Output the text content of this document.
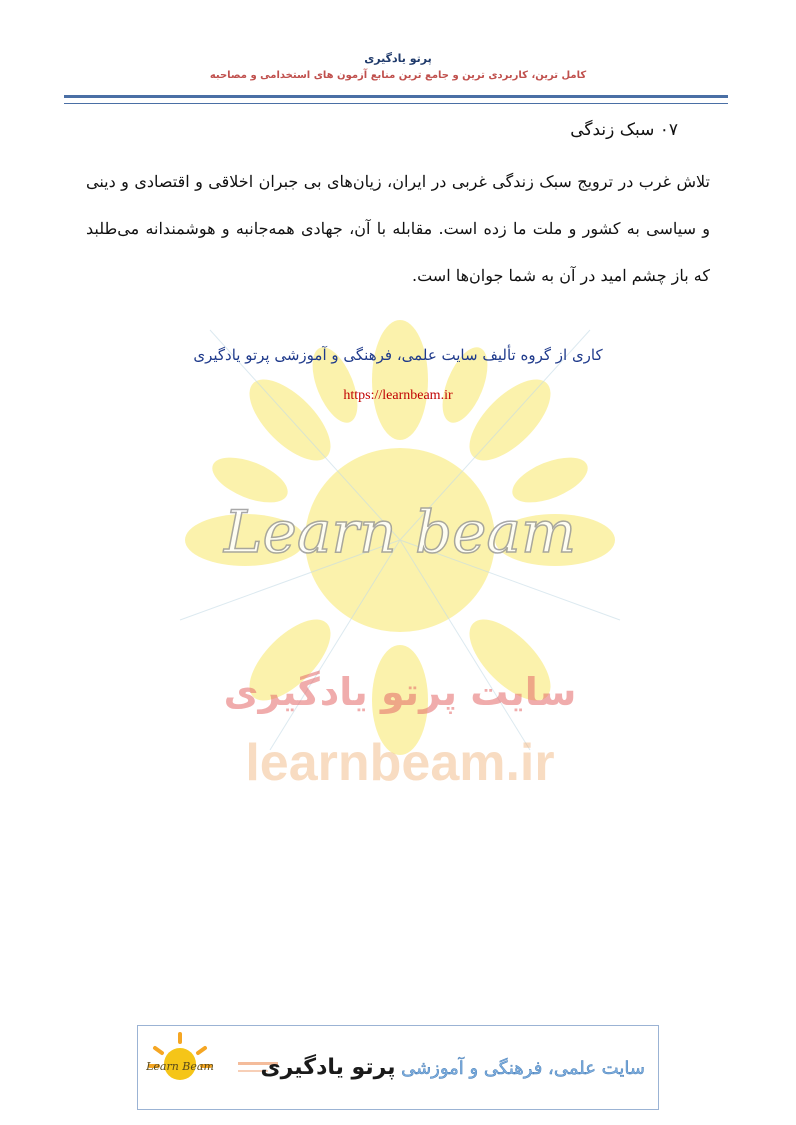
پرتو یادگیری
کامل ترین، کاربردی ترین و جامع ترین منابع آزمون های استخدامی و مصاحبه
Learn beam
سایت پرتو یادگیری
learnbeam.ir
۰۷ سبک زندگی
تلاش غرب در ترویج سبک زندگی غربی در ایران، زیان‌های بی جبران اخلاقی و اقتصادی و دینی و سیاسی به کشور و ملت ما زده است. مقابله با آن، جهادی همه‌جانبه و هوشمندانه می‌طلبد که باز چشم امید در آن به شما جوان‌ها است.
کاری از گروه تألیف سایت علمی، فرهنگی و آموزشی پرتو یادگیری
https://learnbeam.ir
Learn Beam پرتو یادگیری سایت علمی، فرهنگی و آموزشی
